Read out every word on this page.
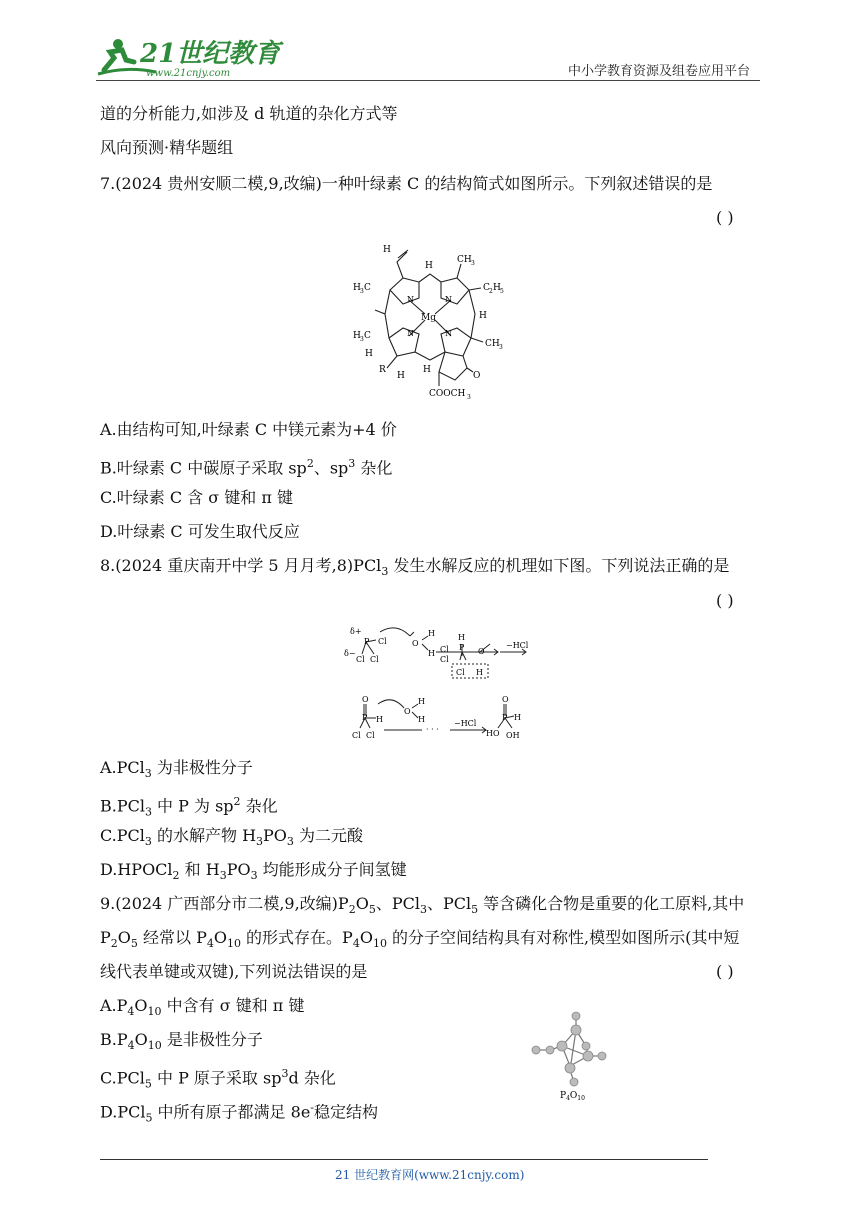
21世纪教育
www.21cnjy.com	中小学教育资源及组卷应用平台
道的分析能力,如涉及 d 轨道的杂化方式等
风向预测·精华题组
7.(2024 贵州安顺二模,9,改编)一种叶绿素 C 的结构简式如图所示。下列叙述错误的是
( )
H
H
CH 3
H 3 C	C 2 H 5
N	N
Mg
N	N
H
H 3 C
H
CH 3
R
H
H
O
COOCH 3
A.由结构可知,叶绿素 C 中镁元素为+4 价
B.叶绿素 C 中碳原子采取 $sp^2$、$sp^3$ 杂化
C.叶绿素 C 含 σ 键和 π 键
D.叶绿素 C 可发生取代反应
8.(2024 重庆南开中学 5 月月考,8)PCl$_3$ 发生水解反应的机理如下图。下列说法正确的是
( )
δ+
δ−
P
Cl Cl
Cl	O
H
H
H
Cl
Cl
P O
Cl H
−HCl
O
P
Cl Cl
H
O
H
H
· · ·
−HCl
O
P H
HO OH
A.PCl$_3$ 为非极性分子
B.PCl$_3$ 中 P 为 $sp^2$ 杂化
C.PCl$_3$ 的水解产物 $H_3PO_3$ 为二元酸
D.HPOCl$_2$ 和 $H_3PO_3$ 均能形成分子间氢键
9.(2024 广西部分市二模,9,改编)$P_2O_5$、PCl$_3$、PCl$_5$ 等含磷化合物是重要的化工原料,其中
$P_2O_5$ 经常以 $P_4O_{10}$ 的形式存在。$P_4O_{10}$ 的分子空间结构具有对称性,模型如图所示(其中短
线代表单键或双键),下列说法错误的是	( )
$A.P_4O_{10}$ 中含有 σ 键和 π 键
$B.P_4O_{10}$ 是非极性分子
C.PCl$_5$ 中 P 原子采取 $sp^3d$ 杂化
D.PCl$_5$ 中所有原子都满足 8e-稳定结构
$P_4O_{10}$
21 世纪教育网(www.21cnjy.com)
